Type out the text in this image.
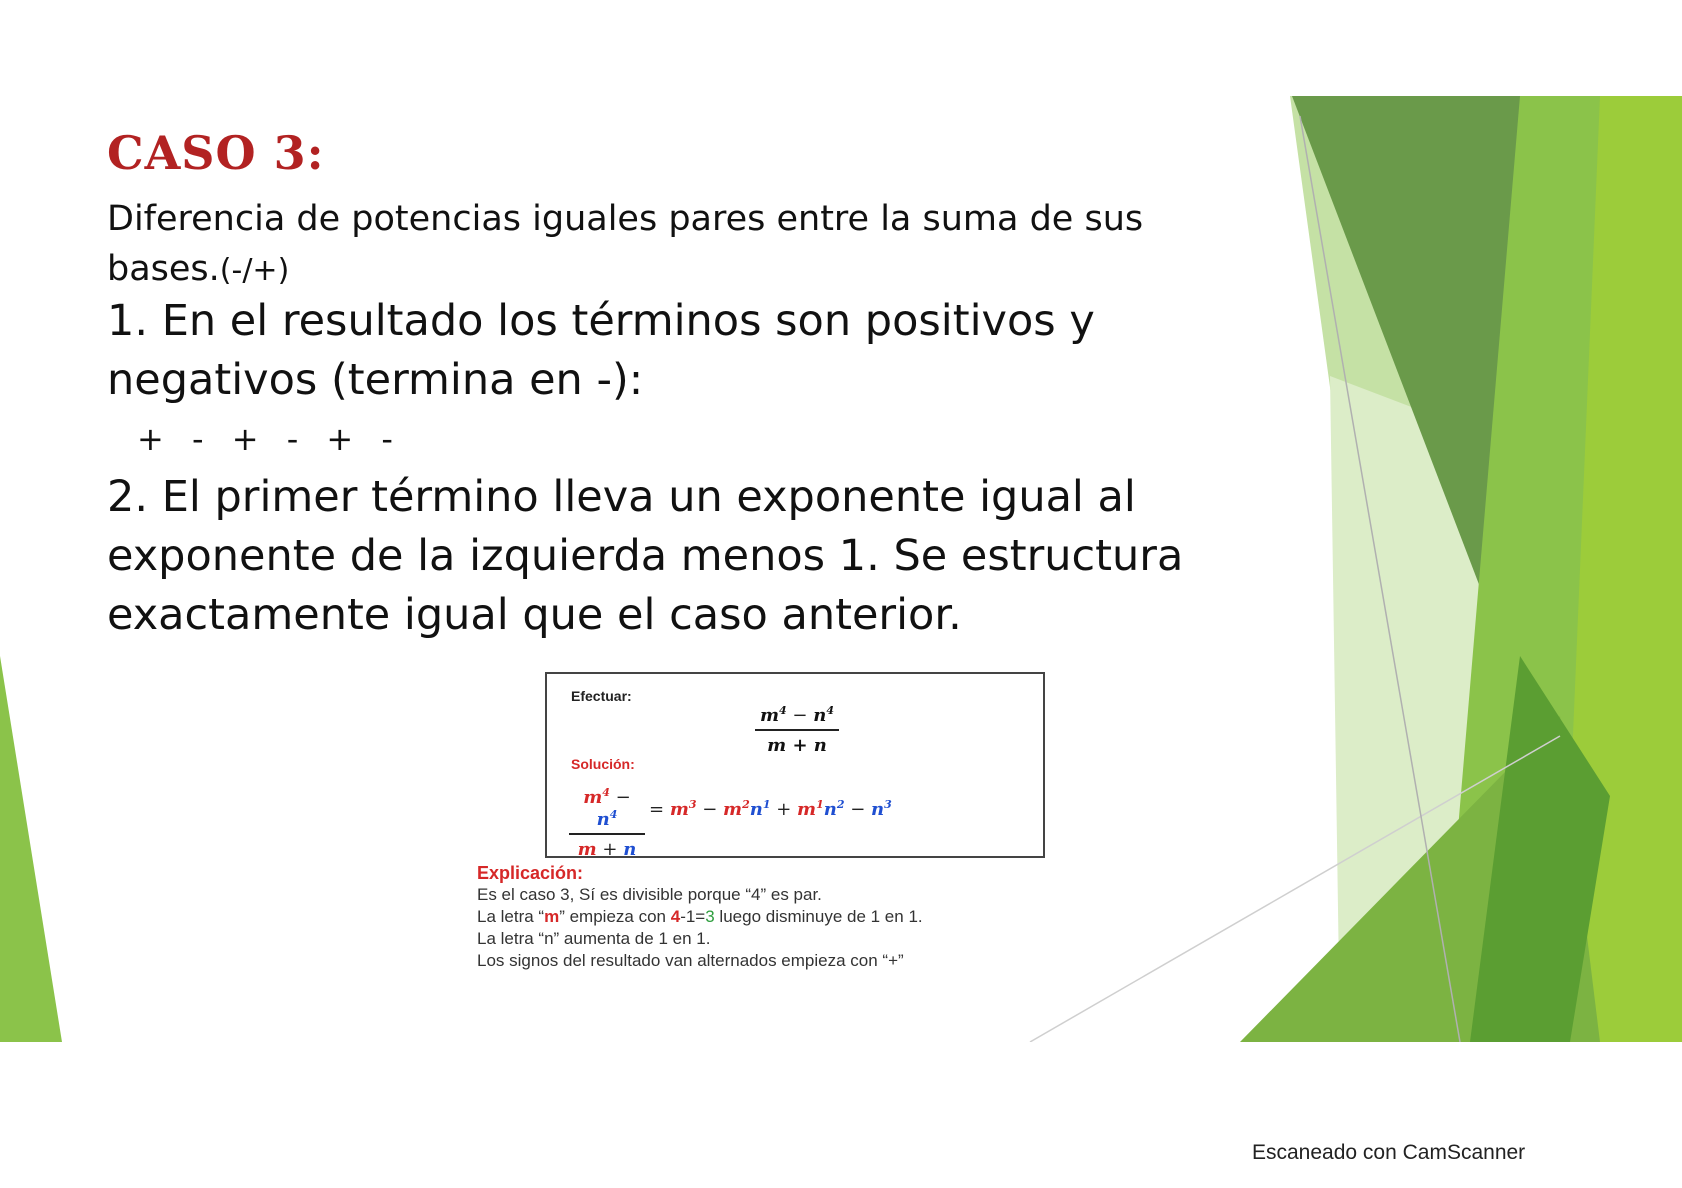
CASO 3:

Diferencia de potencias iguales pares entre la suma de sus bases.(-/+)

1. En el resultado los términos son positivos y negativos (termina en -):

+ - + - + -

2. El primer término lleva un exponente igual al exponente de la izquierda menos 1. Se estructura exactamente igual que el caso anterior.

Efectuar:
$\frac{m^4 - n^4}{m + n}$
Solución:
$\frac{m^4 - n^4}{m + n} = m^3 - m^2n^1 + m^1n^2 - n^3$
Explicación:
Es el caso 3, Sí es divisible porque “4” es par.
La letra “m” empieza con 4-1=3 luego disminuye de 1 en 1.
La letra “n” aumenta de 1 en 1.
Los signos del resultado van alternados empieza con “+”
Escaneado con CamScanner
